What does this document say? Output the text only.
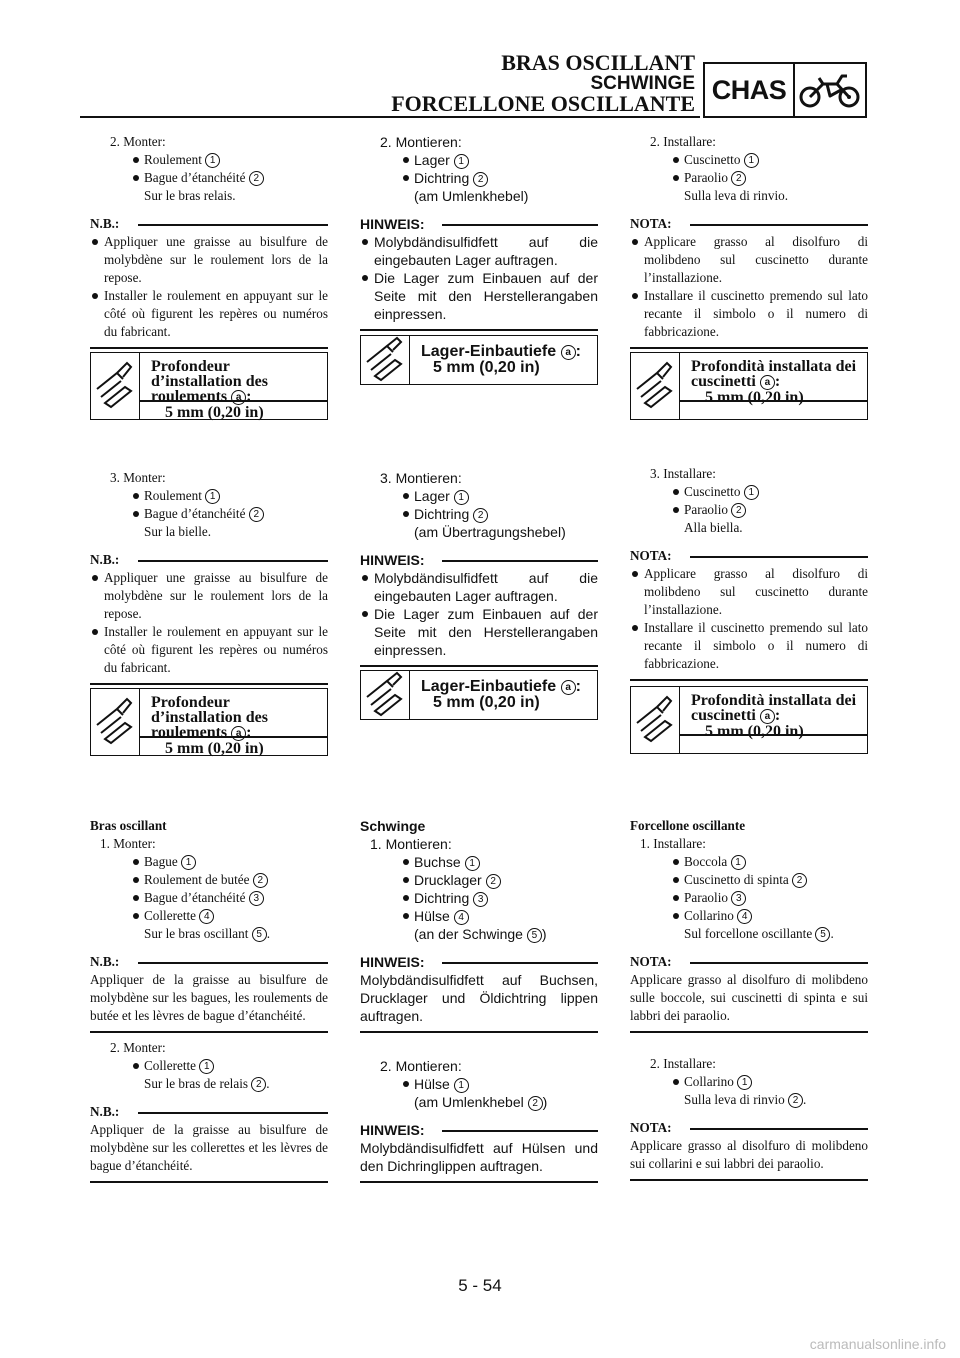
BRAS OSCILLANT
SCHWINGE
FORCELLONE OSCILLANTE CHAS
2. Monter:
Roulement 1
Bague d’étanchéité 2
Sur le bras relais.
N.B.:
Appliquer une graisse au bisulfure de molybdène sur le roulement lors de la repose.
Installer le roulement en appuyant sur le côté où figurent les repères ou numéros du fabricant.
Profondeur d’installation des roulements a :
5 mm (0,20 in)
3. Monter:
Roulement 1
Bague d’étanchéité 2
Sur la bielle.
N.B.:
Appliquer une graisse au bisulfure de molybdène sur le roulement lors de la repose.
Installer le roulement en appuyant sur le côté où figurent les repères ou numéros du fabricant.
Profondeur d’installation des roulements a :
5 mm (0,20 in)
Bras oscillant
1. Monter:
Bague 1
Roulement de butée 2
Bague d’étanchéité 3
Collerette 4
Sur le bras oscillant 5 .
N.B.:
Appliquer de la graisse au bisulfure de molybdène sur les bagues, les roulements de butée et les lèvres de bague d’étanchéité.
2. Monter:
Collerette 1
Sur le bras de relais 2 .
N.B.:
Appliquer de la graisse au bisulfure de molybdène sur les collerettes et les lèvres de bague d’étanchéité.
2. Montieren:
Lager 1
Dichtring 2
(am Umlenkhebel)
HINWEIS:
Molybdändisulfidfett auf die eingebauten Lager auftragen.
Die Lager zum Einbauen auf der Seite mit den Herstellerangaben einpressen.
Lager-Einbautiefe a :
5 mm (0,20 in)
3. Montieren:
Lager 1
Dichtring 2
(am Übertragungshebel)
HINWEIS:
Molybdändisulfidfett auf die eingebauten Lager auftragen.
Die Lager zum Einbauen auf der Seite mit den Herstellerangaben einpressen.
Lager-Einbautiefe a :
5 mm (0,20 in)
Schwinge
1. Montieren:
Buchse 1
Drucklager 2
Dichtring 3
Hülse 4
(an der Schwinge 5 )
HINWEIS:
Molybdändisulfidfett auf Buchsen, Drucklager und Öldichtring lippen auftragen.
2. Montieren:
Hülse 1
(am Umlenkhebel 2 )
HINWEIS:
Molybdändisulfidfett auf Hülsen und den Dichringlippen auftragen.
2. Installare:
Cuscinetto 1
Paraolio 2
Sulla leva di rinvio.
NOTA:
Applicare grasso al disolfuro di molibdeno sul cuscinetto durante l’installazione.
Installare il cuscinetto premendo sul lato recante il simbolo o il numero di fabbricazione.
Profondità installata dei cuscinetti a :
5 mm (0,20 in)
3. Installare:
Cuscinetto 1
Paraolio 2
Alla biella.
NOTA:
Applicare grasso al disolfuro di molibdeno sul cuscinetto durante l’installazione.
Installare il cuscinetto premendo sul lato recante il simbolo o il numero di fabbricazione.
Profondità installata dei cuscinetti a :
5 mm (0,20 in)
Forcellone oscillante
1. Installare:
Boccola 1
Cuscinetto di spinta 2
Paraolio 3
Collarino 4
Sul forcellone oscillante 5 .
NOTA:
Applicare grasso al disolfuro di molibdeno sulle boccole, sui cuscinetti di spinta e sui labbri dei paraolio.
2. Installare:
Collarino 1
Sulla leva di rinvio 2 .
NOTA:
Applicare grasso al disolfuro di molibdeno sui collarini e sui labbri dei paraolio.
5 - 54
carmanualsonline.info
